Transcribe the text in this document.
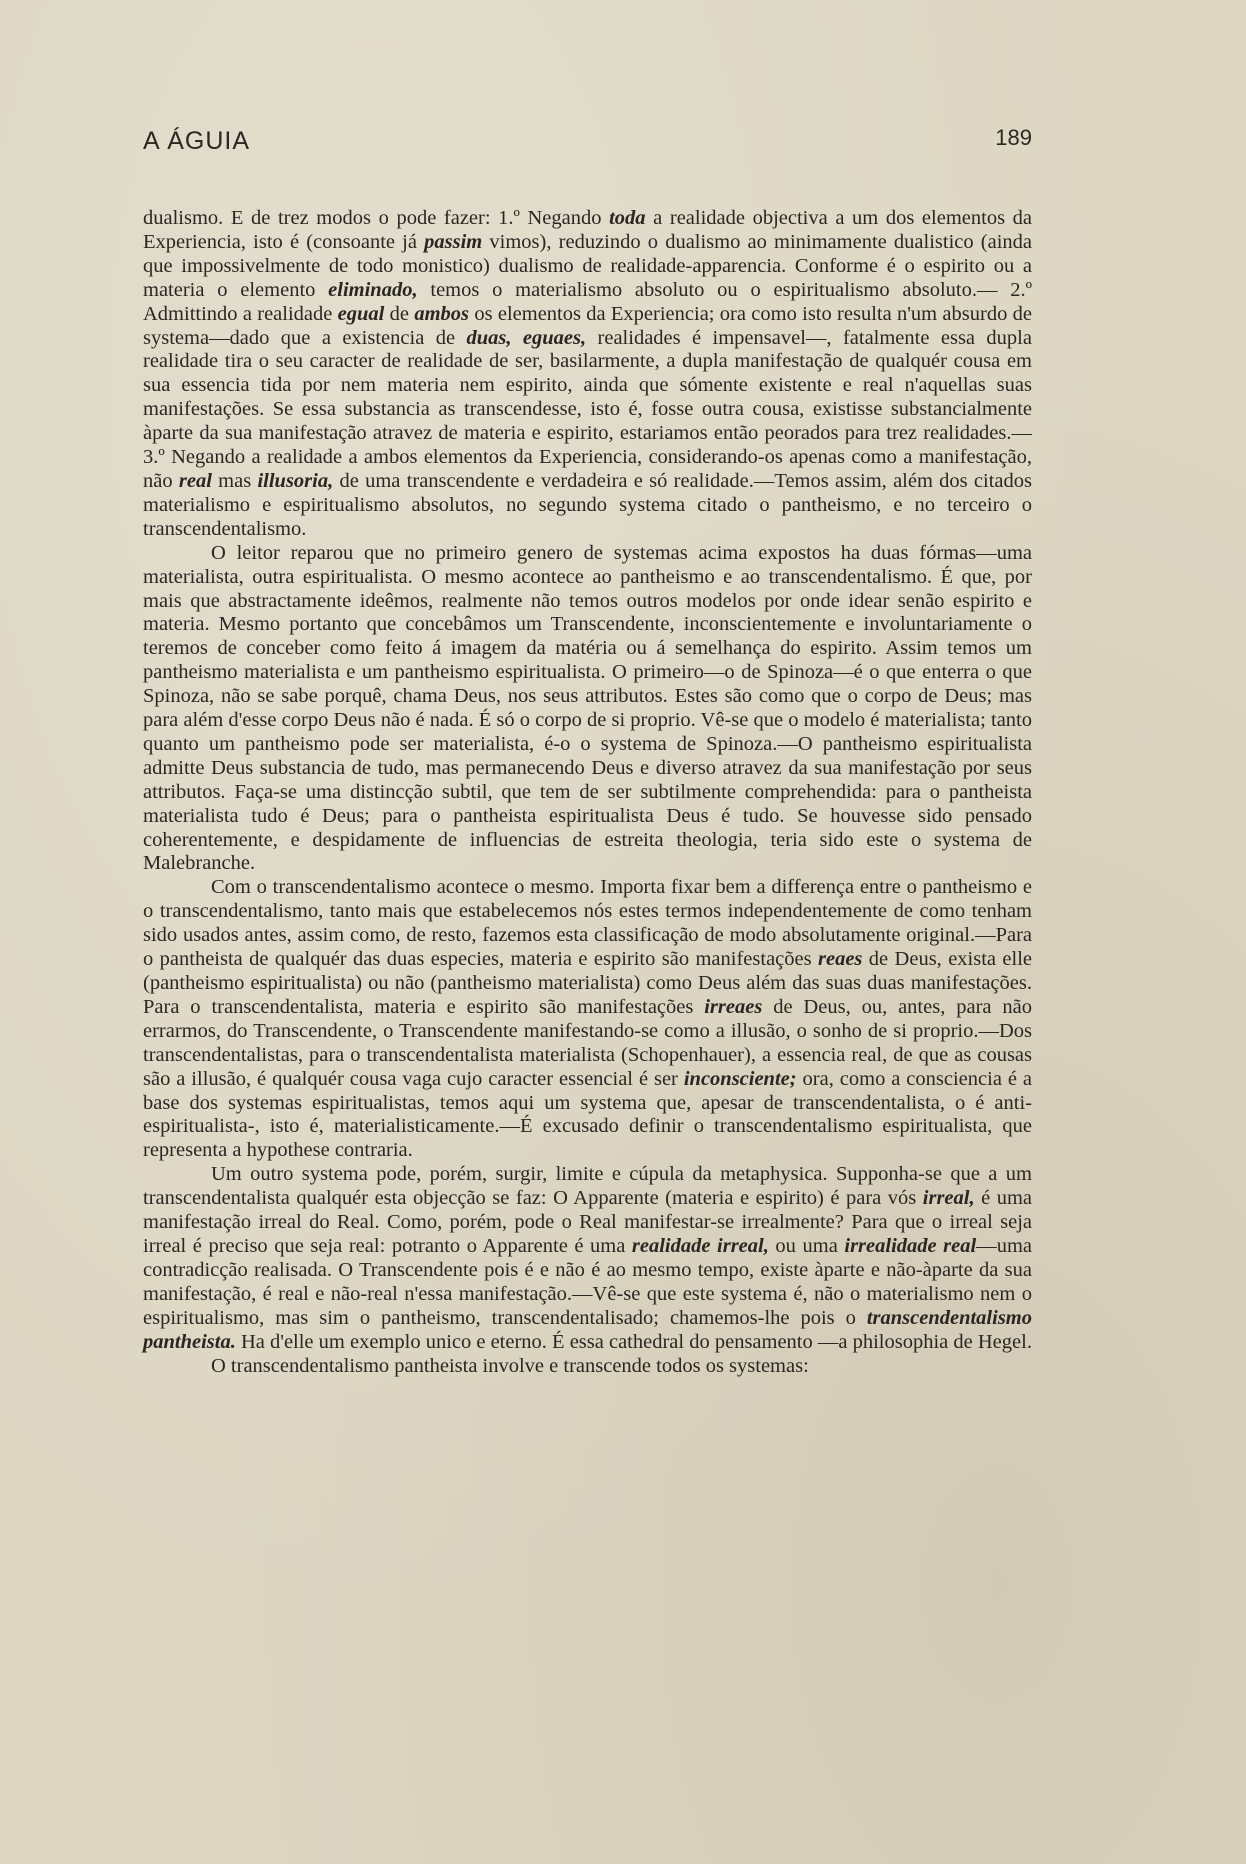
A ÁGUIA	189

dualismo. E de trez modos o pode fazer: 1.º Negando toda a realidade objectiva a um dos elementos da Experiencia, isto é (consoante já passim vimos), reduzindo o dualismo ao minimamente dualistico (ainda que impossivelmente de todo monistico) dualismo de realidade-apparencia. Conforme é o espirito ou a materia o elemento eliminado, temos o materialismo absoluto ou o espiritualismo absoluto.— 2.º Admittindo a realidade egual de ambos os elementos da Experiencia; ora como isto resulta n'um absurdo de systema—dado que a existencia de duas, eguaes, realidades é impensavel—, fatalmente essa dupla realidade tira o seu caracter de realidade de ser, basilarmente, a dupla manifestação de qualquér cousa em sua essencia tida por nem materia nem espirito, ainda que sómente existente e real n'aquellas suas manifestações. Se essa substancia as transcendesse, isto é, fosse outra cousa, existisse substancialmente àparte da sua manifestação atravez de materia e espirito, estariamos então peorados para trez realidades.—3.º Negando a realidade a ambos elementos da Experiencia, considerando-os apenas como a manifestação, não real mas illusoria, de uma transcendente e verdadeira e só realidade.—Temos assim, além dos citados materialismo e espiritualismo absolutos, no segundo systema citado o pantheismo, e no terceiro o transcendentalismo.

O leitor reparou que no primeiro genero de systemas acima expostos ha duas fórmas—uma materialista, outra espiritualista. O mesmo acontece ao pantheismo e ao transcendentalismo. É que, por mais que abstractamente ideêmos, realmente não temos outros modelos por onde idear senão espirito e materia. Mesmo portanto que concebâmos um Transcendente, inconscientemente e involuntariamente o teremos de conceber como feito á imagem da matéria ou á semelhança do espirito. Assim temos um pantheismo materialista e um pantheismo espiritualista. O primeiro—o de Spinoza—é o que enterra o que Spinoza, não se sabe porquê, chama Deus, nos seus attributos. Estes são como que o corpo de Deus; mas para além d'esse corpo Deus não é nada. É só o corpo de si proprio. Vê-se que o modelo é materialista; tanto quanto um pantheismo pode ser materialista, é-o o systema de Spinoza.—O pantheismo espiritualista admitte Deus substancia de tudo, mas permanecendo Deus e diverso atravez da sua manifestação por seus attributos. Faça-se uma distincção subtil, que tem de ser subtilmente comprehendida: para o pantheista materialista tudo é Deus; para o pantheista espiritualista Deus é tudo. Se houvesse sido pensado coherentemente, e despidamente de influencias de estreita theologia, teria sido este o systema de Malebranche.

Com o transcendentalismo acontece o mesmo. Importa fixar bem a differença entre o pantheismo e o transcendentalismo, tanto mais que estabelecemos nós estes termos independentemente de como tenham sido usados antes, assim como, de resto, fazemos esta classificação de modo absolutamente original.—Para o pantheista de qualquér das duas especies, materia e espirito são manifestações reaes de Deus, exista elle (pantheismo espiritualista) ou não (pantheismo materialista) como Deus além das suas duas manifestações. Para o transcendentalista, materia e espirito são manifestações irreaes de Deus, ou, antes, para não errarmos, do Transcendente, o Transcendente manifestando-se como a illusão, o sonho de si proprio.—Dos transcendentalistas, para o transcendentalista materialista (Schopenhauer), a essencia real, de que as cousas são a illusão, é qualquér cousa vaga cujo caracter essencial é ser inconsciente; ora, como a consciencia é a base dos systemas espiritualistas, temos aqui um systema que, apesar de transcendentalista, o é anti-espiritualista-, isto é, materialisticamente.—É excusado definir o transcendentalismo espiritualista, que representa a hypothese contraria.

Um outro systema pode, porém, surgir, limite e cúpula da metaphysica. Supponha-se que a um transcendentalista qualquér esta objecção se faz: O Apparente (materia e espirito) é para vós irreal, é uma manifestação irreal do Real. Como, porém, pode o Real manifestar-se irrealmente? Para que o irreal seja irreal é preciso que seja real: potranto o Apparente é uma realidade irreal, ou uma irrealidade real—uma contradicção realisada. O Transcendente pois é e não é ao mesmo tempo, existe àparte e não-àparte da sua manifestação, é real e não-real n'essa manifestação.—Vê-se que este systema é, não o materialismo nem o espiritualismo, mas sim o pantheismo, transcendentalisado; chamemos-lhe pois o transcendentalismo pantheista. Ha d'elle um exemplo unico e eterno. É essa cathedral do pensamento —a philosophia de Hegel.

O transcendentalismo pantheista involve e transcende todos os systemas:
